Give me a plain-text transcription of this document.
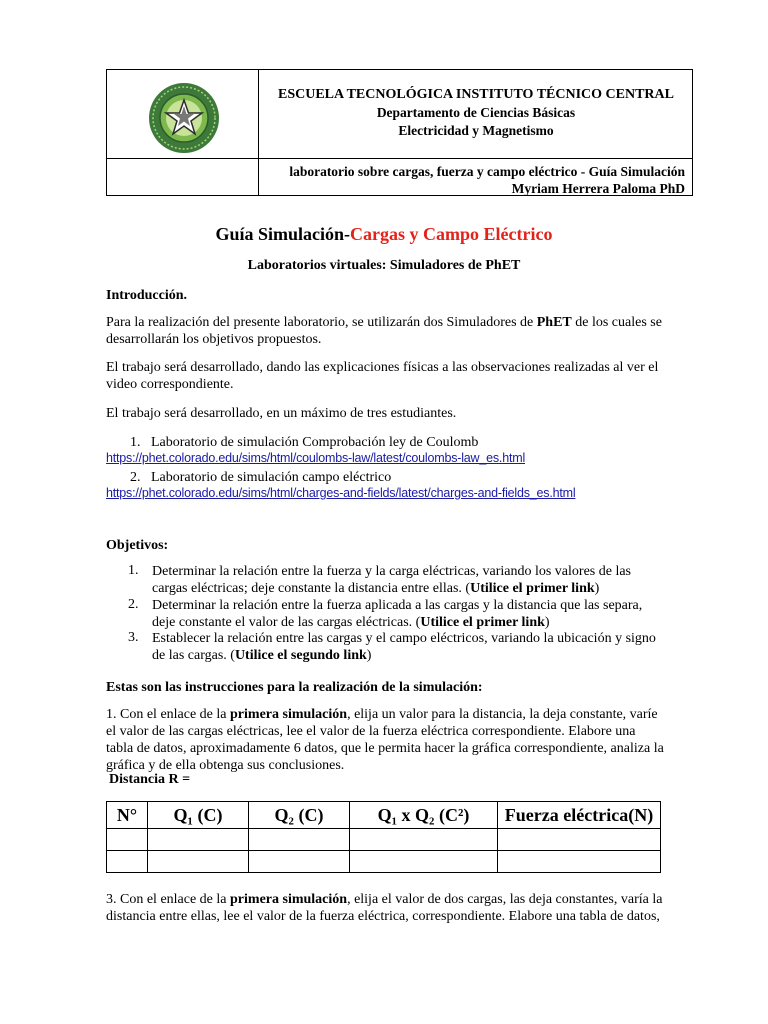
ESCUELA TECNOLÓGICA INSTITUTO TÉCNICO CENTRAL
Departamento de Ciencias Básicas
Electricidad y Magnetismo
laboratorio sobre cargas, fuerza y campo eléctrico - Guía Simulación
Myriam Herrera Paloma PhD
Guía Simulación-Cargas y Campo Eléctrico
Laboratorios virtuales: Simuladores de PhET
Introducción.
Para la realización del presente laboratorio, se utilizarán dos Simuladores de PhET de los cuales se desarrollarán los objetivos propuestos.
El trabajo será desarrollado, dando las explicaciones físicas a las observaciones realizadas al ver el video correspondiente.
El trabajo será desarrollado, en un máximo de tres estudiantes.
1. Laboratorio de simulación Comprobación ley de Coulomb
https://phet.colorado.edu/sims/html/coulombs-law/latest/coulombs-law_es.html
2. Laboratorio de simulación campo eléctrico
https://phet.colorado.edu/sims/html/charges-and-fields/latest/charges-and-fields_es.html
Objetivos:
1. Determinar la relación entre la fuerza y la carga eléctricas, variando los valores de las cargas eléctricas; deje constante la distancia entre ellas. (Utilice el primer link)
2. Determinar la relación entre la fuerza aplicada a las cargas y la distancia que las separa, deje constante el valor de las cargas eléctricas. (Utilice el primer link)
3. Establecer la relación entre las cargas y el campo eléctricos, variando la ubicación y signo de las cargas. (Utilice el segundo link)
Estas son las instrucciones para la realización de la simulación:
1. Con el enlace de la primera simulación, elija un valor para la distancia, la deja constante, varíe el valor de las cargas eléctricas, lee el valor de la fuerza eléctrica correspondiente. Elabore una tabla de datos, aproximadamente 6 datos, que le permita hacer la gráfica correspondiente, analiza la gráfica y de ella obtenga sus conclusiones.
Distancia R =
N°	Q₁ (C)	Q₂ (C)	Q₁ x Q₂ (C²)	Fuerza eléctrica(N)

3. Con el enlace de la primera simulación, elija el valor de dos cargas, las deja constantes, varía la distancia entre ellas, lee el valor de la fuerza eléctrica, correspondiente. Elabore una tabla de datos,
